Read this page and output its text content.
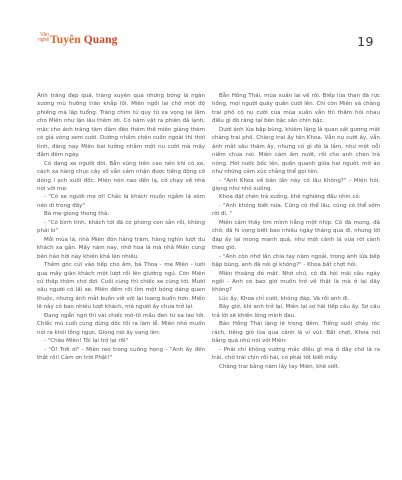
Văn
nghệ Tuyên Quang	19

Ánh trăng đẹp quá, trăng xuyên qua những bóng lá ngàn xương mù hướng trăn khắp lối. Miên ngồi lại chờ một độ phiếng mà lập tuổng. Trăng chìm từ quy từ xa vọng lại lâm cho Miên như lặn lâu thêm lời. Có năm vật ra phiên đá lạnh, mặc cho ánh trăng tăm đằm đẽo thêm thế miên giảng thêm có giả vòng xem cười. Dường nhấm chên cuốn ngoài thì thời tình, đăng nay Miên bai tưởng nhắm một nu cười mà mấy đầm đêm ngày.

Có đang xe người đời. Bẫn vũng trên cao nên khí có xe, cách xa hàng chục cây số vẫn cảm nhận được tiếng động cờ dòng l ạch xuối đốc. Miên nôn nao đến lạ, cô chạy về nhà nói với mẹ:

- "Có xe người mẹ ơi! Chắc là khách muốn ngắm lá xôm nên dì trong đấy"

Bà mẹ giọng thong thả:

- "Có bình tĩnh, khách tới đã có phòng con sẵn rồi, không phải lo"

Mỗi mùa lá, nhà Miên đón hàng trăm, hàng nghìn lượt du khách xa gần. Mấy năm nay, nhờ hoa lá mà nhà Miên cũng bên hảo hời này khiến khá lên nhiều.

Thêm góc cửi vào tiếp cho ấm, bà Thoa - mẹ Miên - lưới qua mấy giàn khách một lượt rồi lên giường ngủ. Còn Miên cứ thấp thôm chờ đợi. Cuối cùng thì chiếc xe cũng tới. Mười xâu người cô lấì xe. Miên đếm rồi tìm một bóng dáng quen thuộc, nhưng ánh mắt buồn vời vời lại loang buồn hơn. Miền lẽ này có bao nhiêu lượt khách, mà người ấy chưa trở lại.

Đang ngẩn ngơ thì vài chiếc mô-tô mầu đen từ xa lao tới. Chiếc mũ cuối cùng dừng dốc tối ra làm lễ. Miên nhỏ muốn nói ra khỏi lồng ngực. Giọng nói ấy vang lên:

- "Chào Miên! Tôi lại trở lại rồi"

- "Ô! Trời ơi" - Miên reo trong cuống họng - "Anh ấy đến thật rồi! Cảm ơn trời Phật!"

Bẫn Hồng Thái, mùa xuân lại về rồi. Biếp lửa than đã rực hồng, mọi người quây quần cười lên. Chỉ còn Miên và chàng trai phố có nụ cười của mùa xuân vẫn thì thầm hỏi nhau điều gì đó răng tại bên bậc sân chín bậc.

Dưới ánh lửa bập bùng, khiêm lặng là quan sát gương mặt chàng trai phố. Chàng trai ấy tên Khoa. Vẫn nụ cười ấy, vẫn ánh mắt sâu thăm ấy, nhưng có gì đó là lắm, như một nỗi niềm chưa nói. Miên cảm ấm nướt, rồi cho anh chén trà nóng. Hơi nước bốc lên, quấn quanh giữa hai người, mờ ảo như những cảm xúc chẳng thể gọi tên.

- "Anh Khoa về bản lần này có lâu không?" - Miên hỏi, giọng như nhỏ xuống.

Khoa đặt chén trà xuống, khẽ nghiêng đầu nhìn cô:

- "Anh không biết nữa. Cũng có thể lâu, cũng có thể sớm rời đi. "

Miên cảm thấy tim mình hẫng một nhịp. Cô đã mong, đã chờ, đã hi vọng biết bao nhiêu ngày tháng qua đi, nhưng lời đáp ấy lại mong manh quá, như một cánh lá vừa rời cành theo gió.

- "Anh còn nhớ lần chia tay năm ngoái, trong ánh lửa bếp bập bùng, anh đã nói gì không?" - Khoa bất chợt hỏi.

Miên thoáng đỏ mặt. Nhớ chứ, cô đã hỏi mãi câu ngày ngồi - Anh có bao giờ muốn trở về thật là mà ở lại đây không?

Lúc ấy, Khoa chỉ cười, không đáp. Và rồi anh đi.

Bây giờ, khi anh trở lại, Miên lại sợ hãi tiếp câu ấy. Sợ câu trả lời sẽ khiến lòng mình đau.

Bản Hồng Thái lặng lẽ trong đêm. Tiếng suối chảy róc rách, tiếng gió lùa qua cành lá vi vút. Bất chợt, Khoa nói bằng quá nhú nói với Miên:

- Phải chỉ không vướng mắc điều gì mà ở đây chờ lá ra trải, chờ trái chín rồi hái, có phải tốt biết mấy.

Chàng trai bằng năm lấy tay Miên, khẽ siết.
